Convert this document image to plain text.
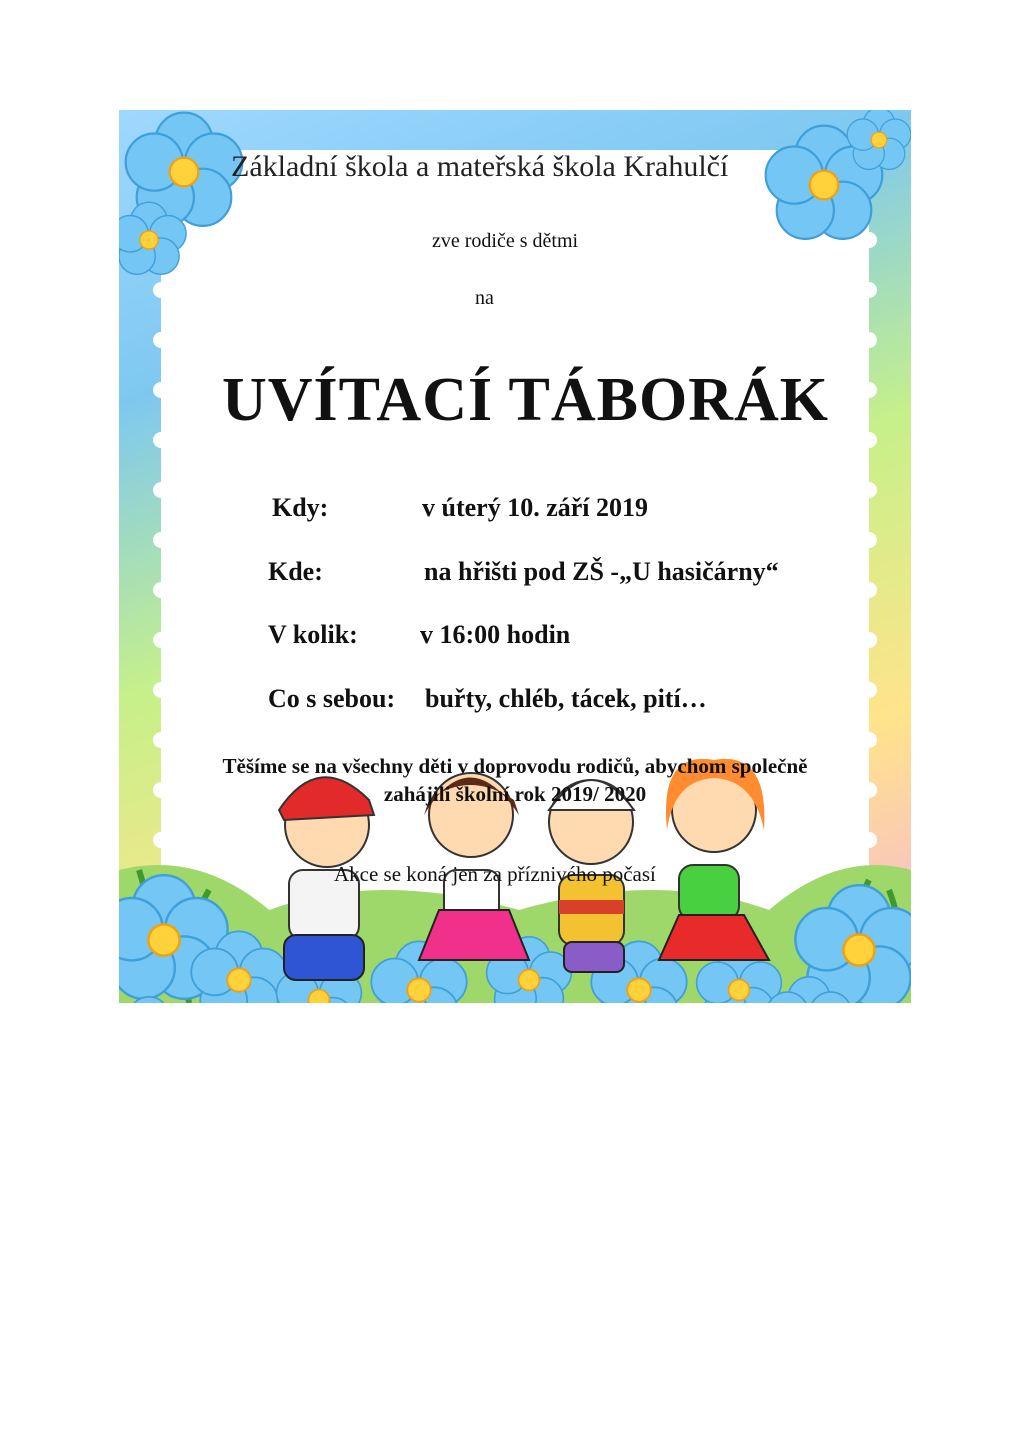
Základní škola a mateřská škola Krahulčí
zve rodiče s dětmi
na
UVÍTACÍ TÁBORÁK
Kdy:	v úterý 10. září 2019
Kde:	na hřišti pod ZŠ -„U hasičárny“
V kolik: v 16:00 hodin
Co s sebou: buřty, chléb, tácek, pití…
Těšíme se na všechny děti v doprovodu rodičů, abychom společně
zahájili školní rok 2019/ 2020
Akce se koná jen za příznivého počasí
